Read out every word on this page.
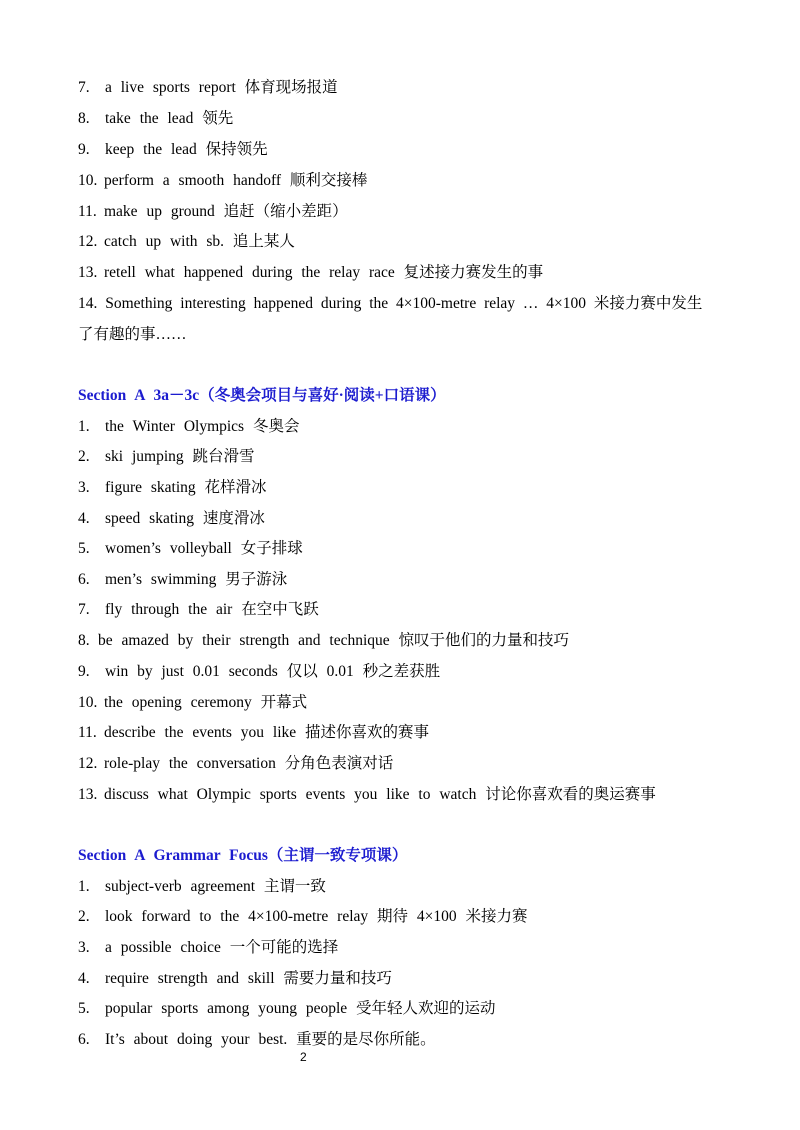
7. a live sports report 体育现场报道
8. take the lead 领先
9. keep the lead 保持领先
10. perform a smooth handoff 顺利交接棒
11. make up ground 追赶（缩小差距）
12. catch up with sb. 追上某人
13. retell what happened during the relay race 复述接力赛发生的事
14. Something interesting happened during the 4×100-metre relay … 4×100 米接力赛中发生
了有趣的事……
Section A 3a－3c（冬奥会项目与喜好·阅读+口语课）
1. the Winter Olympics 冬奥会
2. ski jumping 跳台滑雪
3. figure skating 花样滑冰
4. speed skating 速度滑冰
5. women’s volleyball 女子排球
6. men’s swimming 男子游泳
7. fly through the air 在空中飞跃
8. be amazed by their strength and technique 惊叹于他们的力量和技巧
9. win by just 0.01 seconds 仅以 0.01 秒之差获胜
10. the opening ceremony 开幕式
11. describe the events you like 描述你喜欢的赛事
12. role-play the conversation 分角色表演对话
13. discuss what Olympic sports events you like to watch 讨论你喜欢看的奥运赛事
Section A Grammar Focus（主谓一致专项课）
1. subject-verb agreement 主谓一致
2. look forward to the 4×100-metre relay 期待 4×100 米接力赛
3. a possible choice 一个可能的选择
4. require strength and skill 需要力量和技巧
5. popular sports among young people 受年轻人欢迎的运动
6. It’s about doing your best. 重要的是尽你所能。
2
